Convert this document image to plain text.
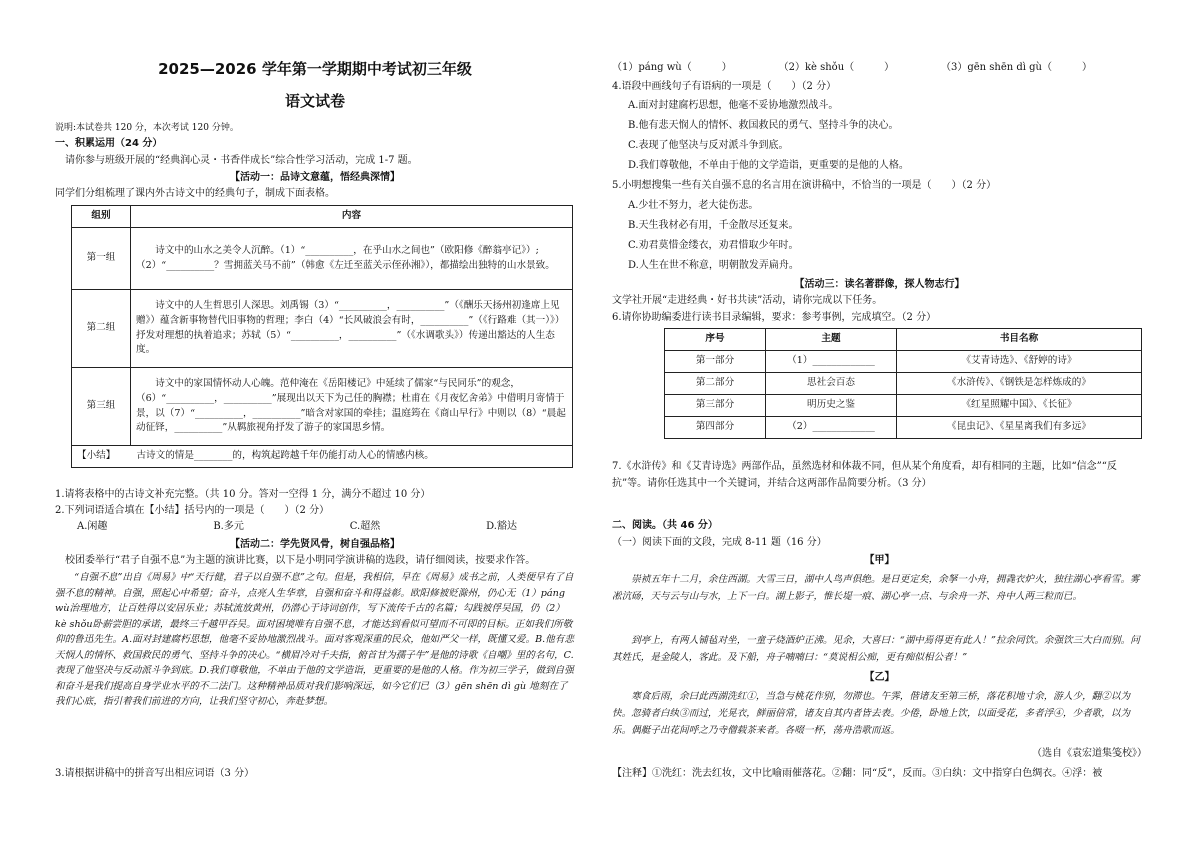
2025—2026 学年第一学期期中考试初三年级
语文试卷
说明:本试卷共 120 分，本次考试 120 分钟。
一、积累运用（24 分）
请你参与班级开展的“经典润心灵・书香伴成长”综合性学习活动，完成 1-7 题。
【活动一：品诗文意蕴，悟经典深情】
同学们分组梳理了课内外古诗文中的经典句子，制成下面表格。
组别	内容
第一组	诗文中的山水之美令人沉醉。（1）“__________，在乎山水之间也”（欧阳修《醉翁亭记》）;（2）“__________？雪拥蓝关马不前”（韩愈《左迁至蓝关示侄孙湘》），都描绘出独特的山水景致。
第二组	诗文中的人生哲思引人深思。刘禹锡（3）“__________，__________”（《酬乐天扬州初逢席上见赠》）蕴含新事物替代旧事物的哲理；李白（4）“长风破浪会有时，__________”（《行路难（其一）》）抒发对理想的执着追求；苏轼（5）“__________，__________”（《水调歌头》）传递出豁达的人生态度。
第三组	诗文中的家国情怀动人心魄。范仲淹在《岳阳楼记》中延续了儒家“与民同乐”的观念，（6）“__________，__________”展现出以天下为己任的胸襟；杜甫在《月夜忆舍弟》中借明月寄情于景，以（7）“__________，__________”暗含对家国的牵挂；温庭筠在《商山早行》中则以（8）“晨起动征铎，__________”从羁旅视角抒发了游子的家国思乡情。
【小结】 古诗文的情是________的，构筑起跨越千年仍能打动人心的情感内核。	
1.请将表格中的古诗文补充完整。（共 10 分。答对一空得 1 分，满分不超过 10 分）
2.下列词语适合填在【小结】括号内的一项是（　　）（2 分）
A.闲趣	B.多元	C.超然	D.豁达
【活动二：学先贤风骨，树自强品格】
校团委举行“君子自强不息”为主题的演讲比赛，以下是小明同学演讲稿的选段，请仔细阅读，按要求作答。
“自强不息”出自《周易》中“天行健，君子以自强不息”之句。但是，我相信，早在《周易》成书之前，人类便早有了自强不息的精神。自强，照起心中希望；奋斗，点亮人生华章，自强和奋斗和得益彰。欧阳修被贬滁州，仍心无（1）páng wù治理地方，让百姓得以安居乐业；苏轼流放黄州，仍潜心于诗词创作，写下流传千古的名篇；勾践被俘吴国，仍（2）kè shǒu卧薪尝胆的承诺，最终三千越甲吞吴。面对困境唯有自强不息，才能达到看似可望而不可即的目标。正如我们所敬仰的鲁迅先生。A.面对封建腐朽思想，他毫不妥协地激烈战斗。面对客观深重的民众，他如严父一样，既懂又爱。B.他有悲天悯人的情怀、救国救民的勇气、坚持斗争的决心。“横眉冷对千夫指，俯首甘为孺子牛”是他的诗歌《自嘲》里的名句，C.表现了他坚决与反动派斗争到底。D.我们尊敬他，不单由于他的文学造诣，更重要的是他的人格。作为初三学子，做到自强和奋斗是我们提高自身学业水平的不二法门。这种精神品质对我们影响深远，如今它们已（3）gēn shēn dì gù 地刻在了我们心底，指引着我们前进的方向，让我们坚守初心，奔赴梦想。
3.请根据讲稿中的拼音写出相应词语（3 分）
（1）páng wù（　　　）	（2）kè shǒu（　　　）	（3）gēn shēn dì gù（　　　）
4.语段中画线句子有语病的一项是（　　）（2 分）
A.面对封建腐朽思想，他毫不妥协地激烈战斗。
B.他有悲天悯人的情怀、救国救民的勇气、坚持斗争的决心。
C.表现了他坚决与反对派斗争到底。
D.我们尊敬他，不单由于他的文学造诣，更重要的是他的人格。
5.小明想搜集一些有关自强不息的名言用在演讲稿中，不恰当的一项是（　　）（2 分）
A.少壮不努力，老大徒伤悲。
B.天生我材必有用，千金散尽还复来。
C.劝君莫惜金缕衣，劝君惜取少年时。
D.人生在世不称意，明朝散发弄扁舟。
【活动三：读名著群像，探人物志行】
文学社开展“走进经典・好书共读”活动，请你完成以下任务。
6.请你协助编委进行读书目录编辑，要求：参考事例，完成填空。（2 分）
序号	主题	书目名称
第一部分	（1）_____________	《艾青诗选》、《舒婷的诗》
第二部分	思社会百态	《水浒传》、《钢铁是怎样炼成的》
第三部分	明历史之鉴	《红星照耀中国》、《长征》
第四部分	（2）_____________	《昆虫记》、《星星离我们有多远》
7.《水浒传》和《艾青诗选》两部作品，虽然选材和体裁不同，但从某个角度看，却有相同的主题，比如“信念”“反抗”等。请你任选其中一个关键词，并结合这两部作品简要分析。（3 分）
二、阅读。（共 46 分）
（一）阅读下面的文段，完成 8-11 题（16 分）
【甲】
崇祯五年十二月，余住西湖。大雪三日，湖中人鸟声俱绝。是日更定矣，余拏一小舟，拥毳衣炉火，独往湖心亭看雪。雾凇沆砀，天与云与山与水，上下一白。湖上影子，惟长堤一痕、湖心亭一点、与余舟一芥、舟中人两三粒而已。
到亭上，有两人铺毡对坐，一童子烧酒炉正沸。见余，大喜曰：“湖中焉得更有此人！”拉余同饮。余强饮三大白而别。问其姓氏，是金陵人，客此。及下船，舟子喃喃曰：“莫说相公痴，更有痴似相公者！”
【乙】
寒食后雨，余曰此西湖洗红①，当急与桃花作别，勿滞也。午霁，偕诸友至第三桥，落花积地寸余，游人少，翻②以为快。忽骑者白纨③而过，光晃衣，鲜丽倍常，诸友自其内者皆去表。少倦，卧地上饮，以面受花，多者浮④，少者歌，以为乐。偶艇子出花间呼之乃寺僧载茶来者。各啜一杯，荡舟浩歌而返。
（选自《袁宏道集笺校》）
【注释】①洗红：洗去红妆，文中比喻雨催落花。②翻：同“反”，反而。③白纨：文中指穿白色绸衣。④浮：被
